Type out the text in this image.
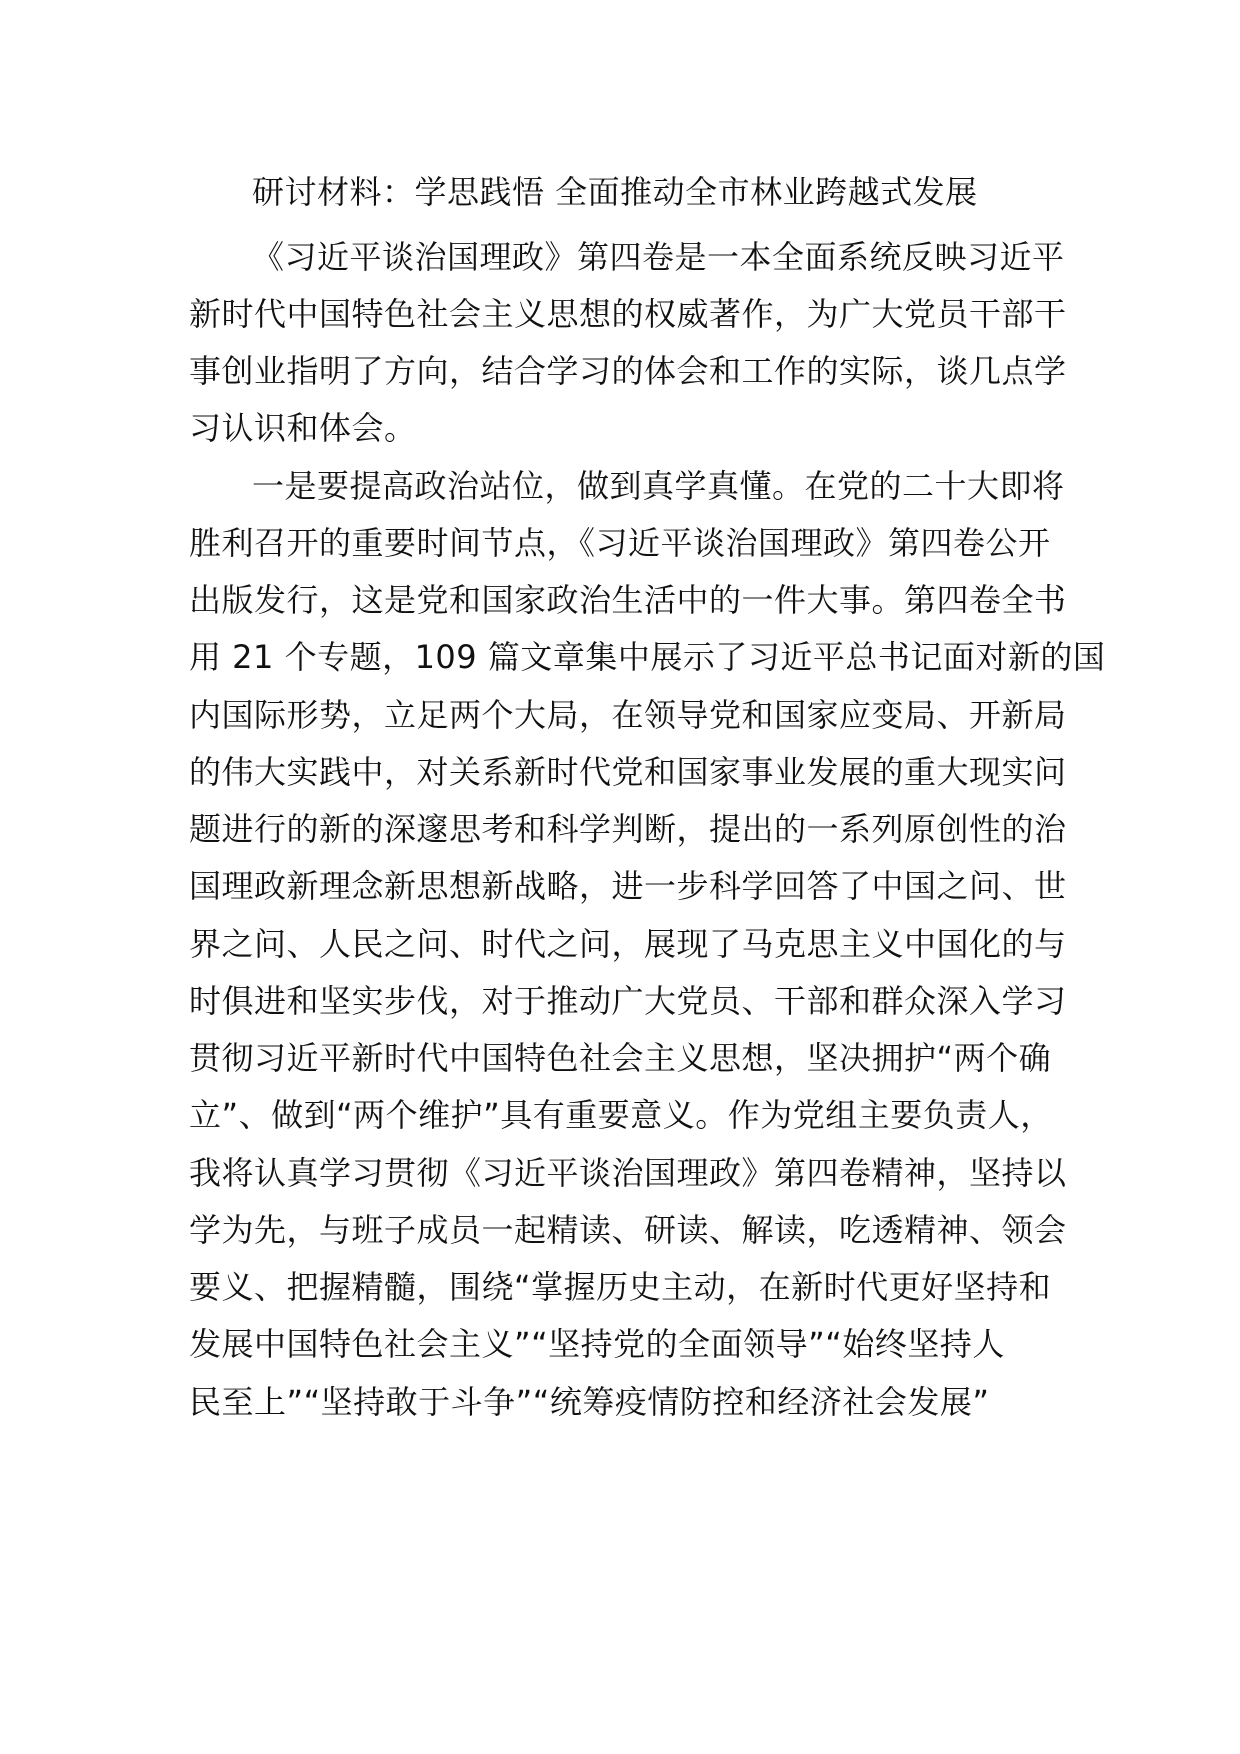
研讨材料：学思践悟 全面推动全市林业跨越式发展
《习近平谈治国理政》第四卷是一本全面系统反映习近平
新时代中国特色社会主义思想的权威著作，为广大党员干部干
事创业指明了方向，结合学习的体会和工作的实际，谈几点学
习认识和体会。
一是要提高政治站位，做到真学真懂。在党的二十大即将
胜利召开的重要时间节点，《习近平谈治国理政》第四卷公开
出版发行，这是党和国家政治生活中的一件大事。第四卷全书
用 21 个专题，109 篇文章集中展示了习近平总书记面对新的国
内国际形势，立足两个大局，在领导党和国家应变局、开新局
的伟大实践中，对关系新时代党和国家事业发展的重大现实问
题进行的新的深邃思考和科学判断，提出的一系列原创性的治
国理政新理念新思想新战略，进一步科学回答了中国之问、世
界之问、人民之问、时代之问，展现了马克思主义中国化的与
时俱进和坚实步伐，对于推动广大党员、干部和群众深入学习
贯彻习近平新时代中国特色社会主义思想，坚决拥护“两个确
立”、做到“两个维护”具有重要意义。作为党组主要负责人，
我将认真学习贯彻《习近平谈治国理政》第四卷精神，坚持以
学为先，与班子成员一起精读、研读、解读，吃透精神、领会
要义、把握精髓，围绕“掌握历史主动，在新时代更好坚持和
发展中国特色社会主义”“坚持党的全面领导”“始终坚持人
民至上”“坚持敢于斗争”“统筹疫情防控和经济社会发展”
